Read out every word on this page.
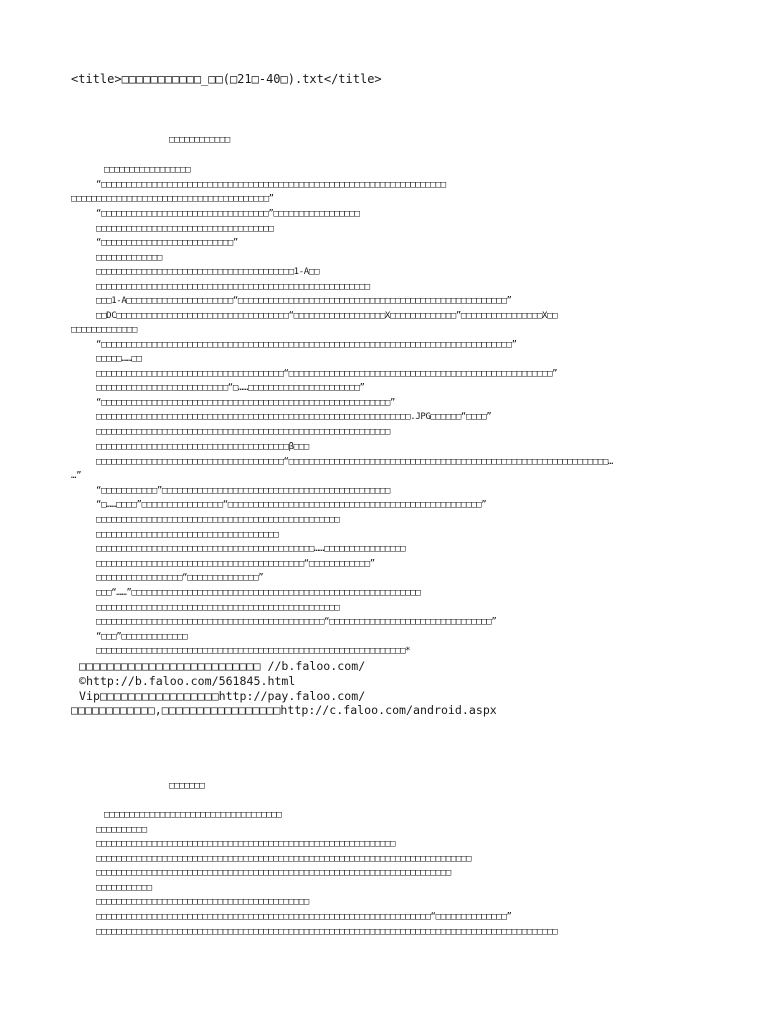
<title>□□□□□□□□□□□_□□(□21□-40□).txt</title>
□□□□□□□□□□□□
□□□□□□□□□□□□□□□□□
“□□□□□□□□□□□□□□□□□□□□□□□□□□□□□□□□□□□□□□□□□□□□□□□□□□□□□□□□□□□□□□□□□□□□
□□□□□□□□□□□□□□□□□□□□□□□□□□□□□□□□□□□□□□□”
“□□□□□□□□□□□□□□□□□□□□□□□□□□□□□□□□□”□□□□□□□□□□□□□□□□□
□□□□□□□□□□□□□□□□□□□□□□□□□□□□□□□□□□□
“□□□□□□□□□□□□□□□□□□□□□□□□□□”
□□□□□□□□□□□□□
□□□□□□□□□□□□□□□□□□□□□□□□□□□□□□□□□□□□□□□1-A□□
□□□□□□□□□□□□□□□□□□□□□□□□□□□□□□□□□□□□□□□□□□□□□□□□□□□□□□
□□□1-A□□□□□□□□□□□□□□□□□□□□□“□□□□□□□□□□□□□□□□□□□□□□□□□□□□□□□□□□□□□□□□□□□□□□□□□□□□□”
□□DC□□□□□□□□□□□□□□□□□□□□□□□□□□□□□□□□□□“□□□□□□□□□□□□□□□□□□X□□□□□□□□□□□□□”□□□□□□□□□□□□□□□□X□□
□□□□□□□□□□□□□
“□□□□□□□□□□□□□□□□□□□□□□□□□□□□□□□□□□□□□□□□□□□□□□□□□□□□□□□□□□□□□□□□□□□□□□□□□□□□□□□□□”
□□□□□……□□
□□□□□□□□□□□□□□□□□□□□□□□□□□□□□□□□□□□□□“□□□□□□□□□□□□□□□□□□□□□□□□□□□□□□□□□□□□□□□□□□□□□□□□□□□□”
□□□□□□□□□□□□□□□□□□□□□□□□□□“□……□□□□□□□□□□□□□□□□□□□□□□”
“□□□□□□□□□□□□□□□□□□□□□□□□□□□□□□□□□□□□□□□□□□□□□□□□□□□□□□□□□”
□□□□□□□□□□□□□□□□□□□□□□□□□□□□□□□□□□□□□□□□□□□□□□□□□□□□□□□□□□□□□□.JPG□□□□□□“□□□□”
□□□□□□□□□□□□□□□□□□□□□□□□□□□□□□□□□□□□□□□□□□□□□□□□□□□□□□□□□□
□□□□□□□□□□□□□□□□□□□□□□□□□□□□□□□□□□□□□□β□□□
□□□□□□□□□□□□□□□□□□□□□□□□□□□□□□□□□□□□□“□□□□□□□□□□□□□□□□□□□□□□□□□□□□□□□□□□□□□□□□□□□□□□□□□□□□□□□□□□□□□□□…
…”
“□□□□□□□□□□□”□□□□□□□□□□□□□□□□□□□□□□□□□□□□□□□□□□□□□□□□□□□□□
“□……□□□□”□□□□□□□□□□□□□□□□“□□□□□□□□□□□□□□□□□□□□□□□□□□□□□□□□□□□□□□□□□□□□□□□□□□”
□□□□□□□□□□□□□□□□□□□□□□□□□□□□□□□□□□□□□□□□□□□□□□□□
□□□□□□□□□□□□□□□□□□□□□□□□□□□□□□□□□□□□
□□□□□□□□□□□□□□□□□□□□□□□□□□□□□□□□□□□□□□□□□□□……□□□□□□□□□□□□□□□□
□□□□□□□□□□□□□□□□□□□□□□□□□□□□□□□□□□□□□□□□□“□□□□□□□□□□□□”
□□□□□□□□□□□□□□□□□“□□□□□□□□□□□□□□”
□□□“……”□□□□□□□□□□□□□□□□□□□□□□□□□□□□□□□□□□□□□□□□□□□□□□□□□□□□□□□□□
□□□□□□□□□□□□□□□□□□□□□□□□□□□□□□□□□□□□□□□□□□□□□□□□
□□□□□□□□□□□□□□□□□□□□□□□□□□□□□□□□□□□□□□□□□□□□□“□□□□□□□□□□□□□□□□□□□□□□□□□□□□□□□□”
“□□□”□□□□□□□□□□□□□
□□□□□□□□□□□□□□□□□□□□□□□□□□□□□□□□□□□□□□□□□□□□□□□□□□□□□□□□□□□□□*
□□□□□□□□□□□□□□□□□□□□□□□□□□ //b.faloo.com/
©http://b.faloo.com/561845.html
Vip□□□□□□□□□□□□□□□□□http://pay.faloo.com/
□□□□□□□□□□□□,□□□□□□□□□□□□□□□□□http://c.faloo.com/android.aspx
□□□□□□□
□□□□□□□□□□□□□□□□□□□□□□□□□□□□□□□□□□□
□□□□□□□□□□
□□□□□□□□□□□□□□□□□□□□□□□□□□□□□□□□□□□□□□□□□□□□□□□□□□□□□□□□□□□
□□□□□□□□□□□□□□□□□□□□□□□□□□□□□□□□□□□□□□□□□□□□□□□□□□□□□□□□□□□□□□□□□□□□□□□□□□
□□□□□□□□□□□□□□□□□□□□□□□□□□□□□□□□□□□□□□□□□□□□□□□□□□□□□□□□□□□□□□□□□□□□□□
□□□□□□□□□□□
□□□□□□□□□□□□□□□□□□□□□□□□□□□□□□□□□□□□□□□□□□
□□□□□□□□□□□□□□□□□□□□□□□□□□□□□□□□□□□□□□□□□□□□□□□□□□□□□□□□□□□□□□□□□□“□□□□□□□□□□□□□□”
□□□□□□□□□□□□□□□□□□□□□□□□□□□□□□□□□□□□□□□□□□□□□□□□□□□□□□□□□□□□□□□□□□□□□□□□□□□□□□□□□□□□□□□□□□□
